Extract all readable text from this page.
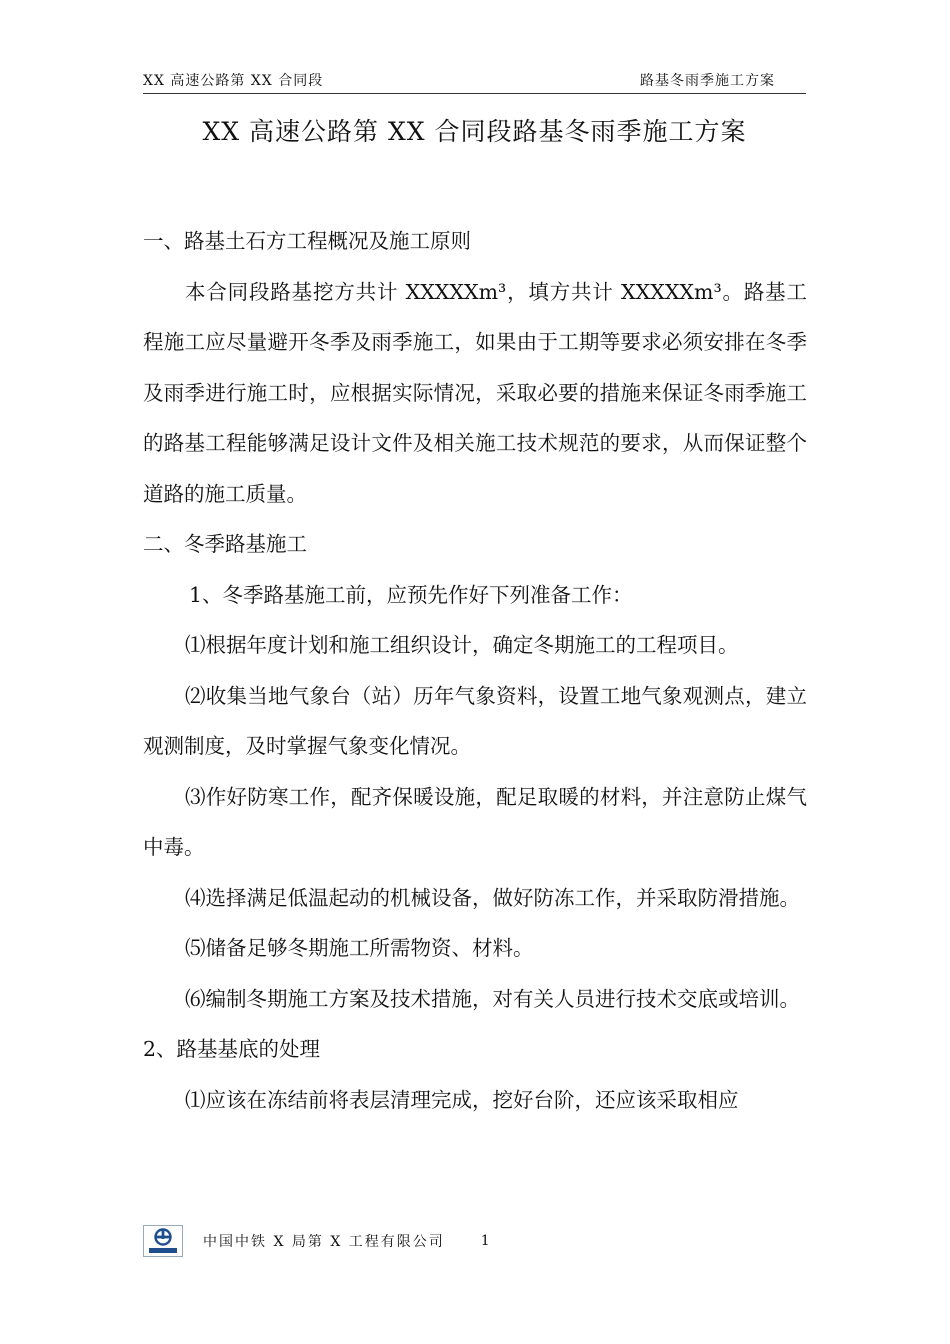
XX 高速公路第 XX 合同段	路基冬雨季施工方案
XX 高速公路第 XX 合同段路基冬雨季施工方案

一、路基土石方工程概况及施工原则

本合同段路基挖方共计 XXXXXm³，填方共计 XXXXXm³。路基工程施工应尽量避开冬季及雨季施工，如果由于工期等要求必须安排在冬季及雨季进行施工时，应根据实际情况，采取必要的措施来保证冬雨季施工的路基工程能够满足设计文件及相关施工技术规范的要求，从而保证整个道路的施工质量。

二、冬季路基施工

1、冬季路基施工前，应预先作好下列准备工作：

⑴根据年度计划和施工组织设计，确定冬期施工的工程项目。

⑵收集当地气象台（站）历年气象资料，设置工地气象观测点，建立观测制度，及时掌握气象变化情况。

⑶作好防寒工作，配齐保暖设施，配足取暖的材料，并注意防止煤气中毒。

⑷选择满足低温起动的机械设备，做好防冻工作，并采取防滑措施。

⑸储备足够冬期施工所需物资、材料。

⑹编制冬期施工方案及技术措施，对有关人员进行技术交底或培训。

2、路基基底的处理

⑴应该在冻结前将表层清理完成，挖好台阶，还应该采取相应

中国中铁 X 局第 X 工程有限公司	1
